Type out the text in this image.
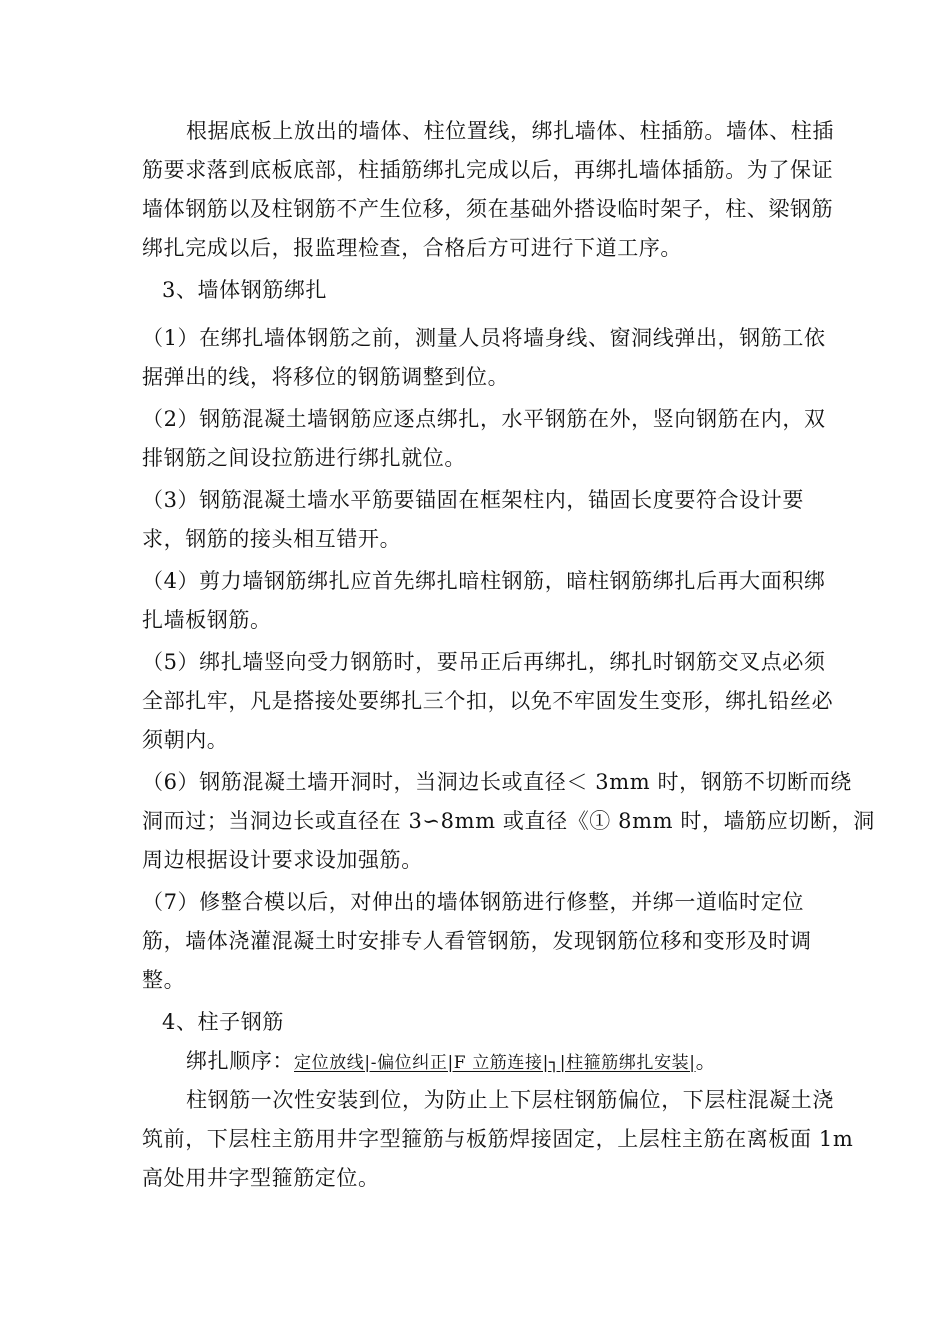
根据底板上放出的墙体、柱位置线，绑扎墙体、柱插筋。墙体、柱插
筋要求落到底板底部，柱插筋绑扎完成以后，再绑扎墙体插筋。为了保证
墙体钢筋以及柱钢筋不产生位移，须在基础外搭设临时架子，柱、梁钢筋
绑扎完成以后，报监理检查，合格后方可进行下道工序。
3、墙体钢筋绑扎
（1）在绑扎墙体钢筋之前，测量人员将墙身线、窗洞线弹出，钢筋工依
据弹出的线，将移位的钢筋调整到位。
（2）钢筋混凝土墙钢筋应逐点绑扎，水平钢筋在外，竖向钢筋在内，双
排钢筋之间设拉筋进行绑扎就位。
（3）钢筋混凝土墙水平筋要锚固在框架柱内，锚固长度要符合设计要
求，钢筋的接头相互错开。
（4）剪力墙钢筋绑扎应首先绑扎暗柱钢筋，暗柱钢筋绑扎后再大面积绑
扎墙板钢筋。
（5）绑扎墙竖向受力钢筋时，要吊正后再绑扎，绑扎时钢筋交叉点必须
全部扎牢，凡是搭接处要绑扎三个扣，以免不牢固发生变形，绑扎铅丝必
须朝内。
（6）钢筋混凝土墙开洞时，当洞边长或直径＜ 3mm 时，钢筋不切断而绕
洞而过；当洞边长或直径在 3∽8mm 或直径《① 8mm 时，墙筋应切断，洞
周边根据设计要求设加强筋。
（7）修整合模以后，对伸出的墙体钢筋进行修整，并绑一道临时定位
筋，墙体浇灌混凝土时安排专人看管钢筋，发现钢筋位移和变形及时调
整。
4、柱子钢筋
绑扎顺序：定位放线|-偏位纠正|F 立筋连接|┐|柱箍筋绑扎安装|。
柱钢筋一次性安装到位，为防止上下层柱钢筋偏位，下层柱混凝土浇
筑前，下层柱主筋用井字型箍筋与板筋焊接固定，上层柱主筋在离板面 1m
高处用井字型箍筋定位。
